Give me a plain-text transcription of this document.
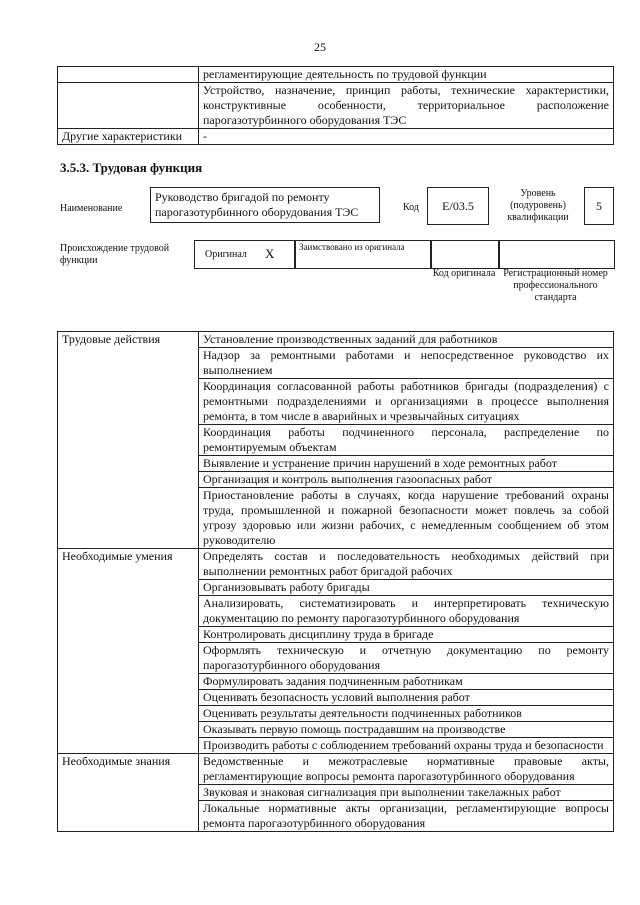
25
	регламентирующие деятельность по трудовой функции
	Устройство, назначение, принцип работы, технические характеристики, конструктивные особенности, территориальное расположение парогазотурбинного оборудования ТЭС
Другие характеристики	-
3.5.3. Трудовая функция
Наименование
Руководство бригадой по ремонту парогазотурбинного оборудования ТЭС	Код	E/03.5
Уровень (подуровень) квалификации
5
Происхождение трудовой функции
Оригинал X	Заимствовано из оригинала
Код оригинала Регистрационный номер профессионального стандарта
Трудовые действия	Установление производственных заданий для работников
	Надзор за ремонтными работами и непосредственное руководство их выполнением
	Координация согласованной работы работников бригады (подразделения) с ремонтными подразделениями и организациями в процессе выполнения ремонта, в том числе в аварийных и чрезвычайных ситуациях
	Координация работы подчиненного персонала, распределение по ремонтируемым объектам
	Выявление и устранение причин нарушений в ходе ремонтных работ
	Организация и контроль выполнения газоопасных работ
	Приостановление работы в случаях, когда нарушение требований охраны труда, промышленной и пожарной безопасности может повлечь за собой угрозу здоровью или жизни рабочих, с немедленным сообщением об этом руководителю
Необходимые умения	Определять состав и последовательность необходимых действий при выполнении ремонтных работ бригадой рабочих
	Организовывать работу бригады
	Анализировать, систематизировать и интерпретировать техническую документацию по ремонту парогазотурбинного оборудования
	Контролировать дисциплину труда в бригаде
	Оформлять техническую и отчетную документацию по ремонту парогазотурбинного оборудования
	Формулировать задания подчиненным работникам
	Оценивать безопасность условий выполнения работ
	Оценивать результаты деятельности подчиненных работников
	Оказывать первую помощь пострадавшим на производстве
	Производить работы с соблюдением требований охраны труда и безопасности
Необходимые знания	Ведомственные и межотраслевые нормативные правовые акты, регламентирующие вопросы ремонта парогазотурбинного оборудования
	Звуковая и знаковая сигнализация при выполнении такелажных работ
	Локальные нормативные акты организации, регламентирующие вопросы ремонта парогазотурбинного оборудования
